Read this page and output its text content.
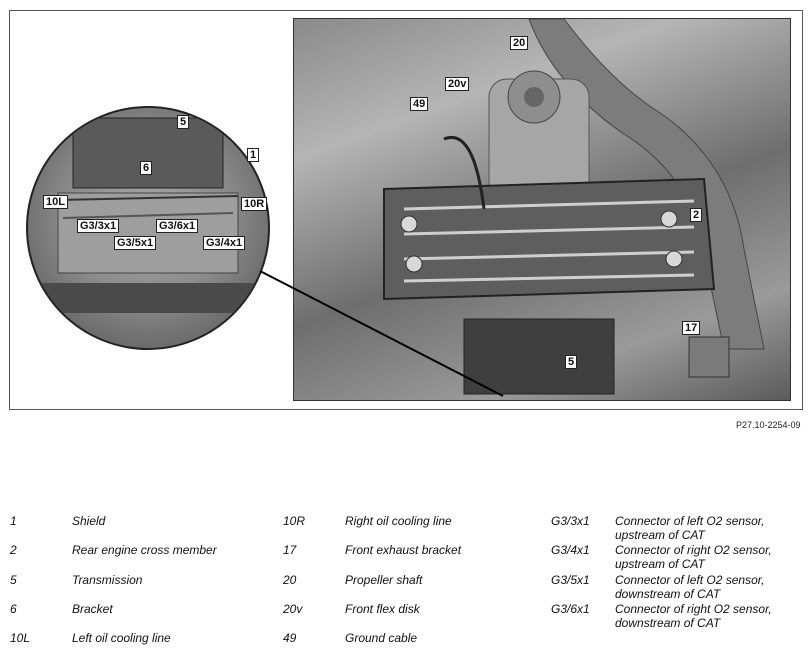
20
20v
49
2
17
5
5
1
6
10L	10R
G3/3x1	G3/6x1
G3/5x1	G3/4x1
P27.10-2254-09
1	Shield
2	Rear engine cross member
5	Transmission
6	Bracket
10L	Left oil cooling line
10R	Right oil cooling line
17	Front exhaust bracket
20	Propeller shaft
20v	Front flex disk
49	Ground cable
G3/3x1 Connector of left O2 sensor,
upstream of CAT
G3/4x1 Connector of right O2 sensor,
upstream of CAT
G3/5x1 Connector of left O2 sensor,
downstream of CAT
G3/6x1 Connector of right O2 sensor,
downstream of CAT
